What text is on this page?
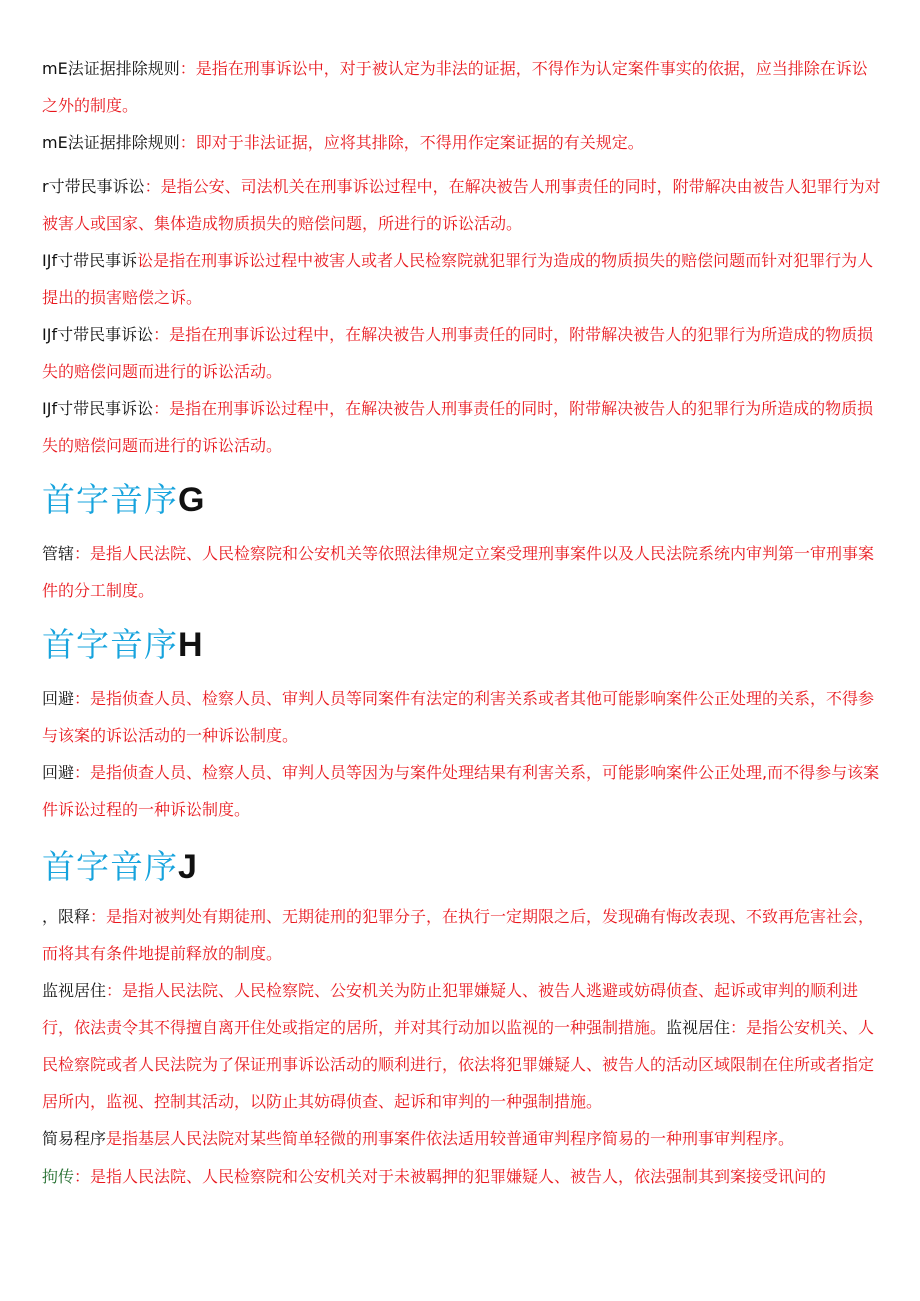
mE法证据排除规则：是指在刑事诉讼中，对于被认定为非法的证据，不得作为认定案件事实的依据，应当排除在诉讼之外的制度。
mE法证据排除规则：即对于非法证据，应将其排除，不得用作定案证据的有关规定。
r寸带民事诉讼：是指公安、司法机关在刑事诉讼过程中，在解决被告人刑事责任的同时，附带解决由被告人犯罪行为对被害人或国家、集体造成物质损失的赔偿问题，所进行的诉讼活动。
IJf寸带民事诉讼是指在刑事诉讼过程中被害人或者人民检察院就犯罪行为造成的物质损失的赔偿问题而针对犯罪行为人提出的损害赔偿之诉。
IJf寸带民事诉讼：是指在刑事诉讼过程中，在解决被告人刑事责任的同时，附带解决被告人的犯罪行为所造成的物质损失的赔偿问题而进行的诉讼活动。
IJf寸带民事诉讼：是指在刑事诉讼过程中，在解决被告人刑事责任的同时，附带解决被告人的犯罪行为所造成的物质损失的赔偿问题而进行的诉讼活动。
首字音序G
管辖：是指人民法院、人民检察院和公安机关等依照法律规定立案受理刑事案件以及人民法院系统内审判第一审刑事案件的分工制度。
首字音序H
回避：是指侦查人员、检察人员、审判人员等同案件有法定的利害关系或者其他可能影响案件公正处理的关系，不得参与该案的诉讼活动的一种诉讼制度。
回避：是指侦查人员、检察人员、审判人员等因为与案件处理结果有利害关系，可能影响案件公正处理,而不得参与该案件诉讼过程的一种诉讼制度。
首字音序J
，限释：是指对被判处有期徒刑、无期徒刑的犯罪分子，在执行一定期限之后，发现确有悔改表现、不致再危害社会，而将其有条件地提前释放的制度。
监视居住：是指人民法院、人民检察院、公安机关为防止犯罪嫌疑人、被告人逃避或妨碍侦查、起诉或审判的顺利进行，依法责令其不得擅自离开住处或指定的居所，并对其行动加以监视的一种强制措施。监视居住：是指公安机关、人民检察院或者人民法院为了保证刑事诉讼活动的顺利进行，依法将犯罪嫌疑人、被告人的活动区域限制在住所或者指定居所内，监视、控制其活动，以防止其妨碍侦查、起诉和审判的一种强制措施。
简易程序是指基层人民法院对某些简单轻微的刑事案件依法适用较普通审判程序简易的一种刑事审判程序。
拘传：是指人民法院、人民检察院和公安机关对于未被羁押的犯罪嫌疑人、被告人，依法强制其到案接受讯问的
